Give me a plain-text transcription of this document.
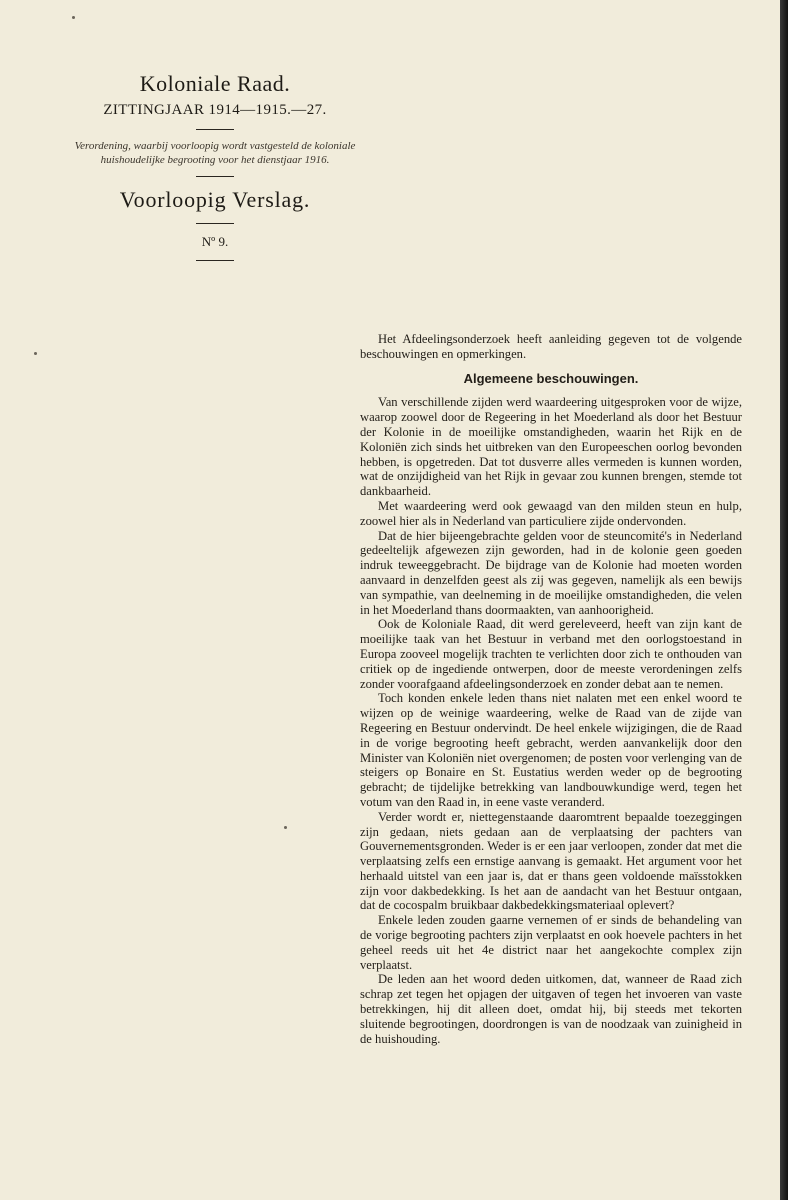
Koloniale Raad.
ZITTINGJAAR 1914—1915.—27.
Verordening, waarbij voorloopig wordt vastgesteld de koloniale huishoudelijke begrooting voor het dienstjaar 1916.
Voorloopig Verslag.
Nº 9.

Het Afdeelingsonderzoek heeft aanleiding gegeven tot de volgende beschouwingen en opmerkingen.

Algemeene beschouwingen.

Van verschillende zijden werd waardeering uitgesproken voor de wijze, waarop zoowel door de Regeering in het Moederland als door het Bestuur der Kolonie in de moeilijke omstandigheden, waarin het Rijk en de Koloniën zich sinds het uitbreken van den Europeeschen oorlog bevonden hebben, is opgetreden. Dat tot dusverre alles vermeden is kunnen worden, wat de onzijdigheid van het Rijk in gevaar zou kunnen brengen, stemde tot dankbaarheid.

Met waardeering werd ook gewaagd van den milden steun en hulp, zoowel hier als in Nederland van particuliere zijde ondervonden.

Dat de hier bijeengebrachte gelden voor de steuncomité's in Nederland gedeeltelijk afgewezen zijn geworden, had in de kolonie geen goeden indruk teweeggebracht. De bijdrage van de Kolonie had moeten worden aanvaard in denzelfden geest als zij was gegeven, namelijk als een bewijs van sympathie, van deelneming in de moeilijke omstandigheden, die velen in het Moederland thans doormaakten, van aanhoorigheid.

Ook de Koloniale Raad, dit werd gereleveerd, heeft van zijn kant de moeilijke taak van het Bestuur in verband met den oorlogstoestand in Europa zooveel mogelijk trachten te verlichten door zich te onthouden van critiek op de ingediende ontwerpen, door de meeste verordeningen zelfs zonder voorafgaand afdeelingsonderzoek en zonder debat aan te nemen.

Toch konden enkele leden thans niet nalaten met een enkel woord te wijzen op de weinige waardeering, welke de Raad van de zijde van Regeering en Bestuur ondervindt. De heel enkele wijzigingen, die de Raad in de vorige begrooting heeft gebracht, werden aanvankelijk door den Minister van Koloniën niet overgenomen; de posten voor verlenging van de steigers op Bonaire en St. Eustatius werden weder op de begrooting gebracht; de tijdelijke betrekking van landbouwkundige werd, tegen het votum van den Raad in, in eene vaste veranderd.

Verder wordt er, niettegenstaande daaromtrent bepaalde toezeggingen zijn gedaan, niets gedaan aan de verplaatsing der pachters van Gouvernementsgronden. Weder is er een jaar verloopen, zonder dat met die verplaatsing zelfs een ernstige aanvang is gemaakt. Het argument voor het herhaald uitstel van een jaar is, dat er thans geen voldoende maïsstokken zijn voor dakbedekking. Is het aan de aandacht van het Bestuur ontgaan, dat de cocospalm bruikbaar dakbedekkingsmateriaal oplevert?

Enkele leden zouden gaarne vernemen of er sinds de behandeling van de vorige begrooting pachters zijn verplaatst en ook hoevele pachters in het geheel reeds uit het 4e district naar het aangekochte complex zijn verplaatst.

De leden aan het woord deden uitkomen, dat, wanneer de Raad zich schrap zet tegen het opjagen der uitgaven of tegen het invoeren van vaste betrekkingen, hij dit alleen doet, omdat hij, bij steeds met tekorten sluitende begrootingen, doordrongen is van de noodzaak van zuinigheid in de huishouding.
